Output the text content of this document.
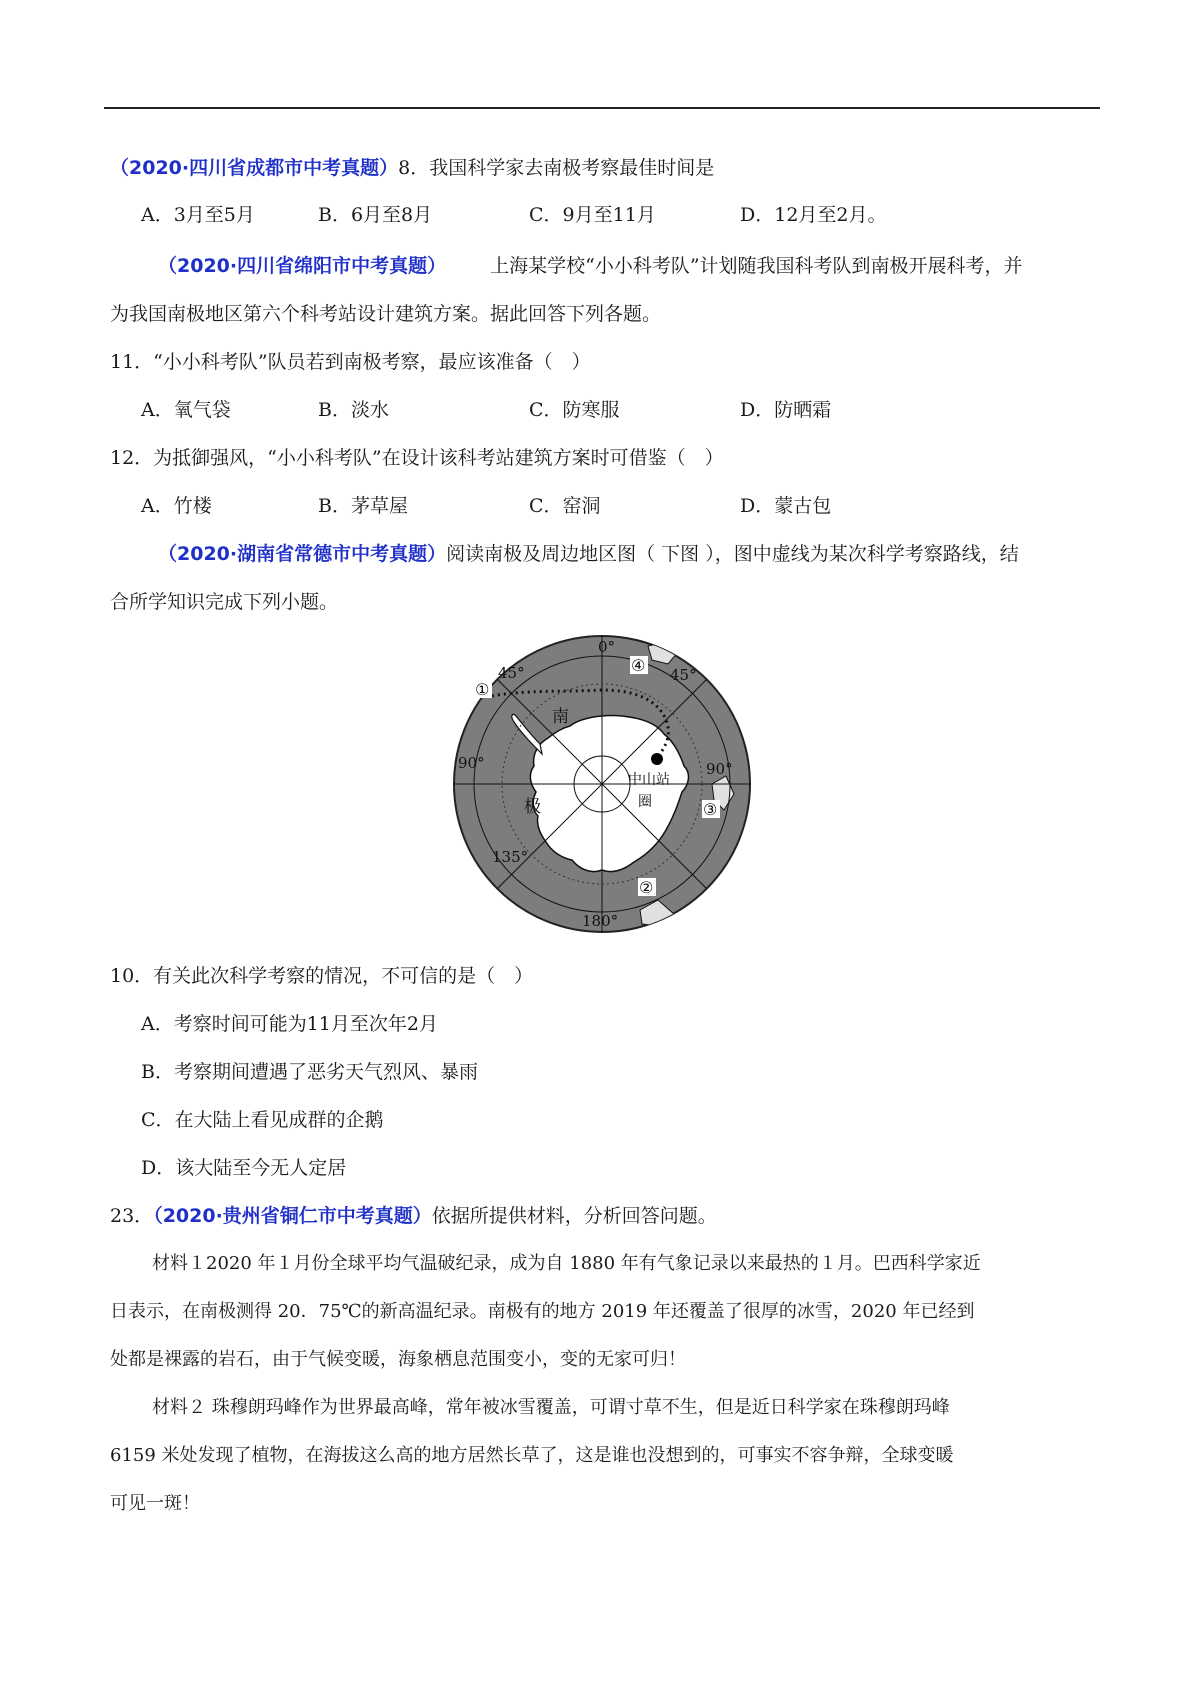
（2020·四川省成都市中考真题）8．我国科学家去南极考察最佳时间是
A．3月至5月	B．6月至8月	C．9月至11月	D．12月至2月。
（2020·四川省绵阳市中考真题） 上海某学校“小小科考队”计划随我国科考队到南极开展科考，并
为我国南极地区第六个科考站设计建筑方案。据此回答下列各题。
11．“小小科考队”队员若到南极考察，最应该准备（　）
A．氧气袋	B．淡水	C．防寒服	D．防晒霜
12．为抵御强风，“小小科考队”在设计该科考站建筑方案时可借鉴（　）
A．竹楼	B．茅草屋	C．窑洞	D．蒙古包
（2020·湖南省常德市中考真题）阅读南极及周边地区图（ 下图 ），图中虚线为某次科学考察路线，结
合所学知识完成下列小题。
0°
45°	45°
90°	90°
135°
180°
南
极
中山站
圈
①
②
③
④
10．有关此次科学考察的情况，不可信的是（　）
A．考察时间可能为11月至次年2月
B．考察期间遭遇了恶劣天气烈风、暴雨
C．在大陆上看见成群的企鹅
D．该大陆至今无人定居
23．（2020·贵州省铜仁市中考真题）依据所提供材料，分析回答问题。
材料１2020 年１月份全球平均气温破纪录，成为自 1880 年有气象记录以来最热的１月。巴西科学家近
日表示，在南极测得 20．75℃的新高温纪录。南极有的地方 2019 年还覆盖了很厚的冰雪，2020 年已经到
处都是裸露的岩石，由于气候变暖，海象栖息范围变小，变的无家可归！
材料２ 珠穆朗玛峰作为世界最高峰，常年被冰雪覆盖，可谓寸草不生，但是近日科学家在珠穆朗玛峰
6159 米处发现了植物，在海拔这么高的地方居然长草了，这是谁也没想到的，可事实不容争辩，全球变暖
可见一斑！
